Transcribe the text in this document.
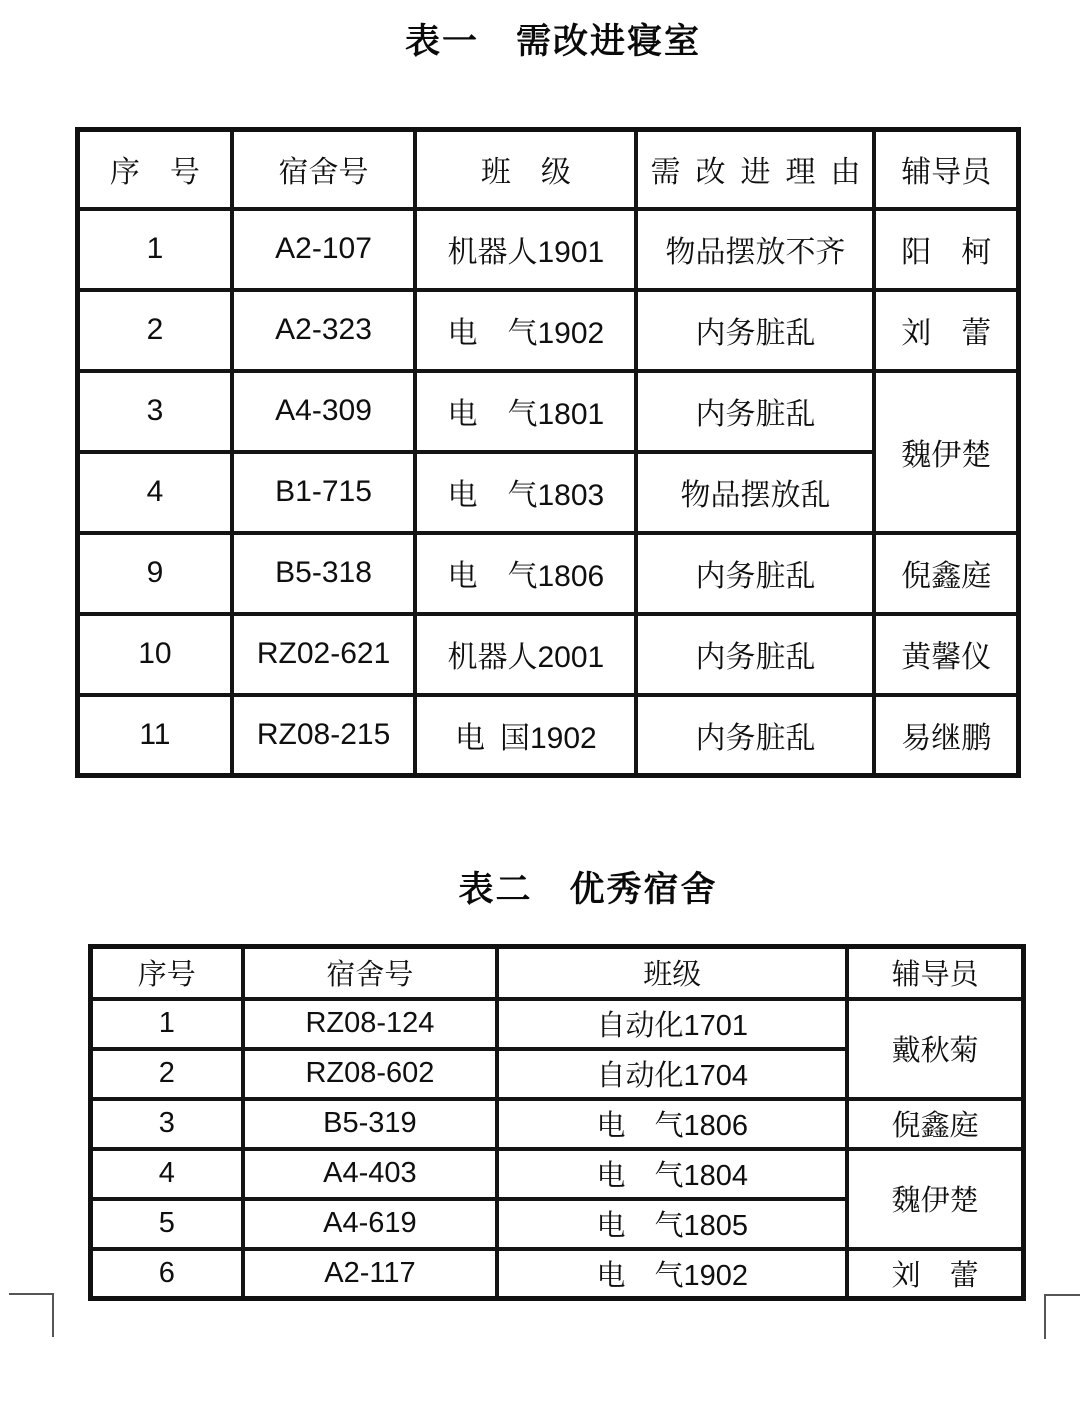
表一　需改进寝室
序　号	宿舍号	班　级	需 改 进 理 由	辅导员
1	A2-107	机器人1901	物品摆放不齐	阳　柯
2	A2-323	电　气1902	内务脏乱	刘　蕾
3	A4-309	电　气1801	内务脏乱	魏伊楚
4	B1-715	电　气1803	物品摆放乱	
9	B5-318	电　气1806	内务脏乱	倪鑫庭
10	RZ02-621	机器人2001	内务脏乱	黄馨仪
11	RZ08-215	电 国1902	内务脏乱	易继鹏
表二　优秀宿舍
序号	宿舍号	班级	辅导员
1	RZ08-124	自动化1701	戴秋菊
2	RZ08-602	自动化1704	
3	B5-319	电　气1806	倪鑫庭
4	A4-403	电　气1804	魏伊楚
5	A4-619	电　气1805	
6	A2-117	电　气1902	刘　蕾
